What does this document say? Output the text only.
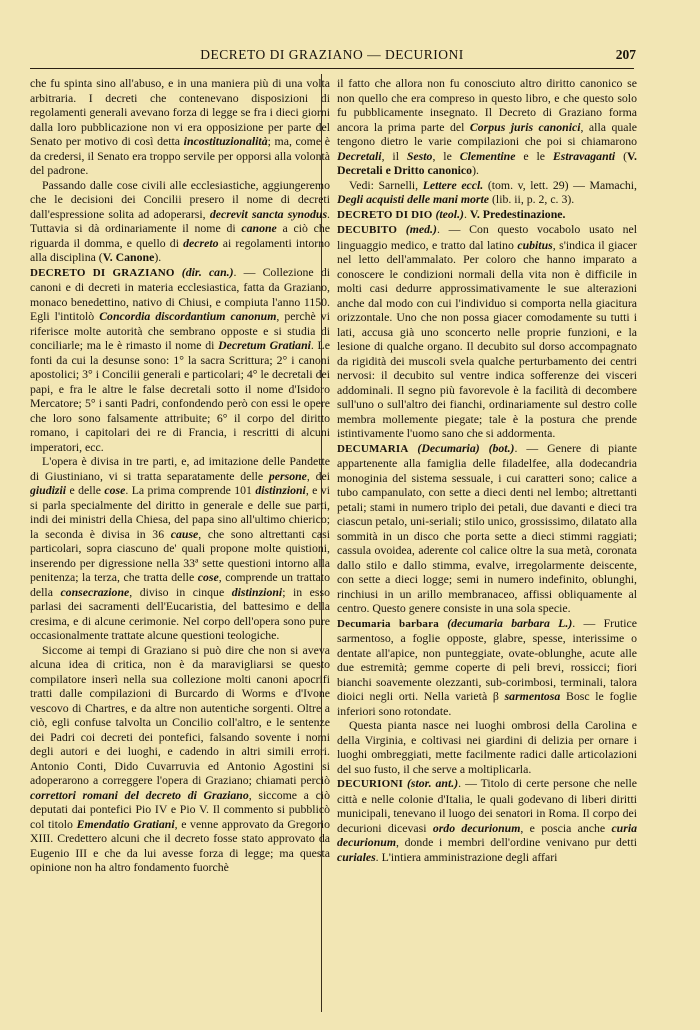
DECRETO DI GRAZIANO — DECURIONI	207

che fu spinta sino all'abuso, e in una maniera più di una volta arbitraria. I decreti che contenevano disposizioni di regolamenti generali avevano forza di legge se fra i dieci giorni dalla loro pubblicazione non vi era opposizione per parte del Senato per motivo di così detta incostituzionalità; ma, come è da credersi, il Senato era troppo servile per opporsi alla volontà del padrone.

Passando dalle cose civili alle ecclesiastiche, aggiungeremo che le decisioni dei Concilii presero il nome di decreti dall'espressione solita ad adoperarsi, decrevit sancta synodus. Tuttavia si dà ordinariamente il nome di canone a ciò che riguarda il domma, e quello di decreto ai regolamenti intorno alla disciplina (V. Canone).

DECRETO DI GRAZIANO (dir. can.). — Collezione di canoni e di decreti in materia ecclesiastica, fatta da Graziano, monaco benedettino, nativo di Chiusi, e compiuta l'anno 1150. Egli l'intitolò Concordia discordantium canonum, perchè vi riferisce molte autorità che sembrano opposte e si studia di conciliarle; ma le è rimasto il nome di Decretum Gratiani. Le fonti da cui la desunse sono: 1° la sacra Scrittura; 2° i canoni apostolici; 3° i Concilii generali e particolari; 4° le decretali dei papi, e fra le altre le false decretali sotto il nome d'Isidoro Mercatore; 5° i santi Padri, confondendo però con essi le opere che loro sono falsamente attribuite; 6° il corpo del diritto romano, i capitolari dei re di Francia, i rescritti di alcuni imperatori, ecc.

L'opera è divisa in tre parti, e, ad imitazione delle Pandette di Giustiniano, vi si tratta separatamente delle persone, dei giudizii e delle cose. La prima comprende 101 distinzioni, e vi si parla specialmente del diritto in generale e delle sue parti, indi dei ministri della Chiesa, del papa sino all'ultimo chierico; la seconda è divisa in 36 cause, che sono altrettanti casi particolari, sopra ciascuno de' quali propone molte quistioni, inserendo per digressione nella 33ª sette questioni intorno alla penitenza; la terza, che tratta delle cose, comprende un trattato della consecrazione, diviso in cinque distinzioni; in esso parlasi dei sacramenti dell'Eucaristia, del battesimo e della cresima, e di alcune cerimonie. Nel corpo dell'opera sono pure occasionalmente trattate alcune questioni teologiche.

Siccome ai tempi di Graziano si può dire che non si aveva alcuna idea di critica, non è da maravigliarsi se questo compilatore inserì nella sua collezione molti canoni apocrifi tratti dalle compilazioni di Burcardo di Worms e d'Ivone vescovo di Chartres, e da altre non autentiche sorgenti. Oltre a ciò, egli confuse talvolta un Concilio coll'altro, e le sentenze dei Padri coi decreti dei pontefici, falsando sovente i nomi degli autori e dei luoghi, e cadendo in altri simili errori. Antonio Conti, Dido Cuvarruvia ed Antonio Agostini si adoperarono a correggere l'opera di Graziano; chiamati perciò correttori romani del decreto di Graziano, siccome a ciò deputati dai pontefici Pio IV e Pio V. Il commento si pubblicò col titolo Emendatio Gratiani, e venne approvato da Gregorio XIII. Credettero alcuni che il decreto fosse stato approvato da Eugenio III e che da lui avesse forza di legge; ma questa opinione non ha altro fondamento fuorchè

il fatto che allora non fu conosciuto altro diritto canonico se non quello che era compreso in questo libro, e che questo solo fu pubblicamente insegnato. Il Decreto di Graziano forma ancora la prima parte del Corpus juris canonici, alla quale tengono dietro le varie compilazioni che poi si chiamarono Decretali, il Sesto, le Clementine e le Estravaganti (V. Decretali e Dritto canonico).

Vedi: Sarnelli, Lettere eccl. (tom. v, lett. 29) — Mamachi, Degli acquisti delle mani morte (lib. ii, p. 2, c. 3).

DECRETO DI DIO (teol.). V. Predestinazione.

DECUBITO (med.). — Con questo vocabolo usato nel linguaggio medico, e tratto dal latino cubitus, s'indica il giacer nel letto dell'ammalato. Per coloro che hanno imparato a conoscere le condizioni normali della vita non è difficile in molti casi dedurre approssimativamente le sue alterazioni anche dal modo con cui l'individuo si comporta nella giacitura orizzontale. Uno che non possa giacer comodamente su tutti i lati, accusa già uno sconcerto nelle proprie funzioni, e la lesione di qualche organo. Il decubito sul dorso accompagnato da rigidità dei muscoli svela qualche perturbamento dei centri nervosi: il decubito sul ventre indica sofferenze dei visceri addominali. Il segno più favorevole è la facilità di decombere sull'uno o sull'altro dei fianchi, ordinariamente sul destro colle membra mollemente piegate; tale è la postura che prende istintivamente l'uomo sano che si addormenta.

DECUMARIA (Decumaria) (bot.). — Genere di piante appartenente alla famiglia delle filadelfee, alla dodecandria monoginia del sistema sessuale, i cui caratteri sono; calice a tubo campanulato, con sette a dieci denti nel lembo; altrettanti petali; stami in numero triplo dei petali, due davanti e dieci tra ciascun petalo, uni-seriali; stilo unico, grossissimo, dilatato alla sommità in un disco che porta sette a dieci stimmi raggiati; cassula ovoidea, aderente col calice oltre la sua metà, coronata dallo stilo e dallo stimma, evalve, irregolarmente deiscente, con sette a dieci logge; semi in numero indefinito, oblunghi, rinchiusi in un arillo membranaceo, affissi obliquamente al centro. Questo genere consiste in una sola specie.

Decumaria barbara (decumaria barbara L.). — Frutice sarmentoso, a foglie opposte, glabre, spesse, interissime o dentate all'apice, non punteggiate, ovate-oblunghe, acute alle due estremità; gemme coperte di peli brevi, rossicci; fiori bianchi soavemente olezzanti, sub-corimbosi, terminali, talora dioici negli orti. Nella varietà β sarmentosa Bosc le foglie inferiori sono rotondate.

Questa pianta nasce nei luoghi ombrosi della Carolina e della Virginia, e coltivasi nei giardini di delizia per ornare i luoghi ombreggiati, mette facilmente radici dalle articolazioni del suo fusto, il che serve a moltiplicarla.

DECURIONI (stor. ant.). — Titolo di certe persone che nelle città e nelle colonie d'Italia, le quali godevano di liberi diritti municipali, tenevano il luogo dei senatori in Roma. Il corpo dei decurioni dicevasi ordo decurionum, e poscia anche curia decurionum, donde i membri dell'ordine venivano pur detti curiales. L'intiera amministrazione degli affari
